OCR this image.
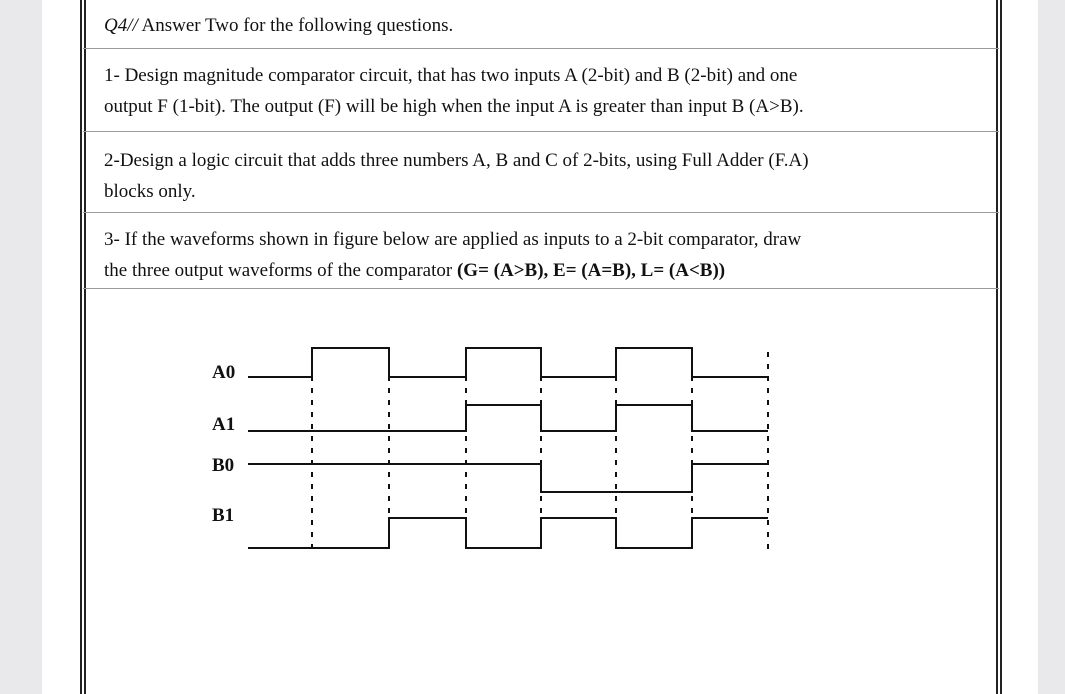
Q4// Answer Two for the following questions.
1- Design magnitude comparator circuit, that has two inputs A (2-bit) and B (2-bit) and one
output F (1-bit). The output (F) will be high when the input A is greater than input B (A>B).
2-Design a logic circuit that adds three numbers A, B and C of 2-bits, using Full Adder (F.A)
blocks only.
3- If the waveforms shown in figure below are applied as inputs to a 2-bit comparator, draw
the three output waveforms of the comparator (G= (A>B), E= (A=B), L= (A<B))
A0
A1
B0
B1
